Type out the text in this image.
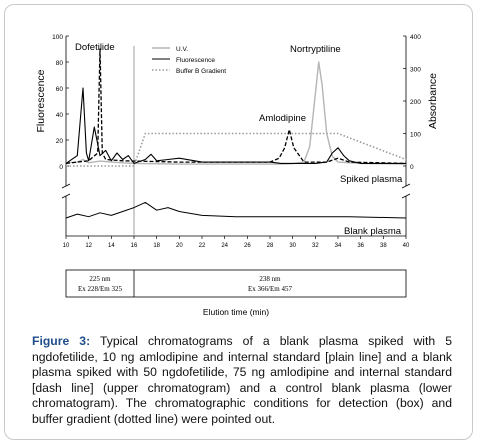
100
80
60
40
20
0
400
300
200
100
0
10	12	14	16	18	20	22	24	26	28	30	32	34	36	38	40
Fluorescence	Absorbance
Elution time (min)
Dofetilide	Nortryptiline
Amlodipine
Spiked plasma
Blank plasma
U.V.
Fluorescence
Buffer B Gradient
225 nm
Ex 228/Em 325
238 nm
Ex 366/Em 457
Figure 3: Typical chromatograms of a blank plasma spiked with 5 ngdofetilide, 10 ng amlodipine and internal standard [plain line] and a blank plasma spiked with 50 ngdofetilide, 75 ng amlodipine and internal standard [dash line] (upper chromatogram) and a control blank plasma (lower chromatogram). The chromatographic conditions for detection (box) and buffer gradient (dotted line) were pointed out.
